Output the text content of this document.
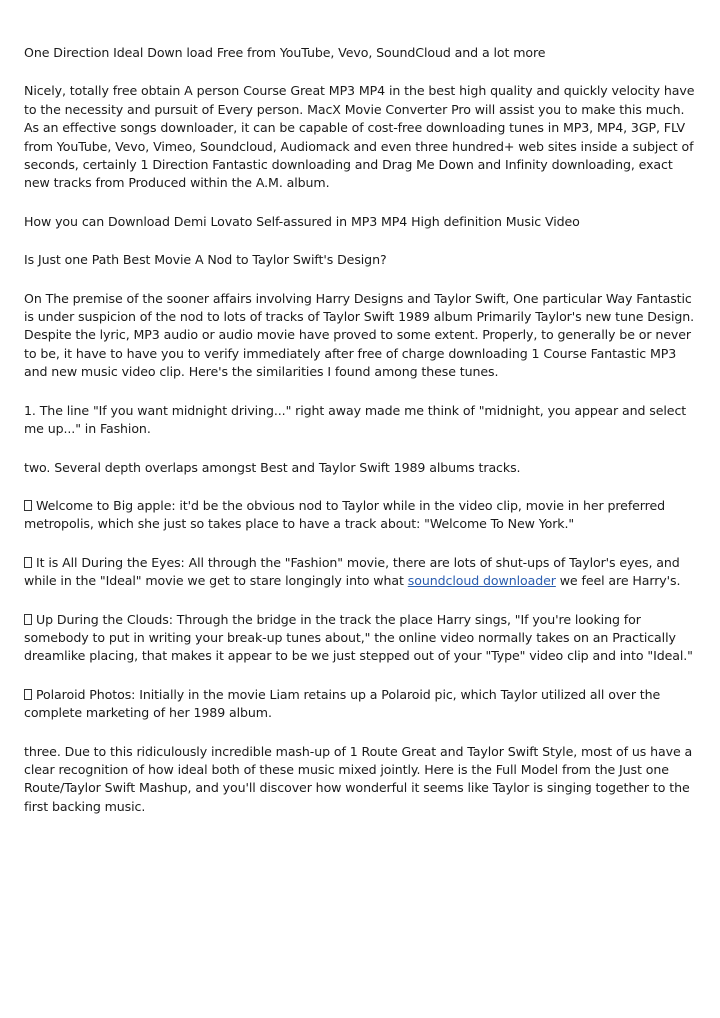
One Direction Ideal Down load Free from YouTube, Vevo, SoundCloud and a lot more

Nicely, totally free obtain A person Course Great MP3 MP4 in the best high quality and quickly velocity have to the necessity and pursuit of Every person. MacX Movie Converter Pro will assist you to make this much. As an effective songs downloader, it can be capable of cost-free downloading tunes in MP3, MP4, 3GP, FLV from YouTube, Vevo, Vimeo, Soundcloud, Audiomack and even three hundred+ web sites inside a subject of seconds, certainly 1 Direction Fantastic downloading and Drag Me Down and Infinity downloading, exact new tracks from Produced within the A.M. album.

How you can Download Demi Lovato Self-assured in MP3 MP4 High definition Music Video

Is Just one Path Best Movie A Nod to Taylor Swift's Design?

On The premise of the sooner affairs involving Harry Designs and Taylor Swift, One particular Way Fantastic is under suspicion of the nod to lots of tracks of Taylor Swift 1989 album Primarily Taylor's new tune Design. Despite the lyric, MP3 audio or audio movie have proved to some extent. Properly, to generally be or never to be, it have to have you to verify immediately after free of charge downloading 1 Course Fantastic MP3 and new music video clip. Here's the similarities I found among these tunes.

1. The line "If you want midnight driving..." right away made me think of "midnight, you appear and select me up..." in Fashion.

two. Several depth overlaps amongst Best and Taylor Swift 1989 albums tracks.

Welcome to Big apple: it'd be the obvious nod to Taylor while in the video clip, movie in her preferred metropolis, which she just so takes place to have a track about: "Welcome To New York."

It is All During the Eyes: All through the "Fashion" movie, there are lots of shut-ups of Taylor's eyes, and while in the "Ideal" movie we get to stare longingly into what soundcloud downloader we feel are Harry's.

Up During the Clouds: Through the bridge in the track the place Harry sings, "If you're looking for somebody to put in writing your break-up tunes about," the online video normally takes on an Practically dreamlike placing, that makes it appear to be we just stepped out of your "Type" video clip and into "Ideal."

Polaroid Photos: Initially in the movie Liam retains up a Polaroid pic, which Taylor utilized all over the complete marketing of her 1989 album.

three. Due to this ridiculously incredible mash-up of 1 Route Great and Taylor Swift Style, most of us have a clear recognition of how ideal both of these music mixed jointly. Here is the Full Model from the Just one Route/Taylor Swift Mashup, and you'll discover how wonderful it seems like Taylor is singing together to the first backing music.
